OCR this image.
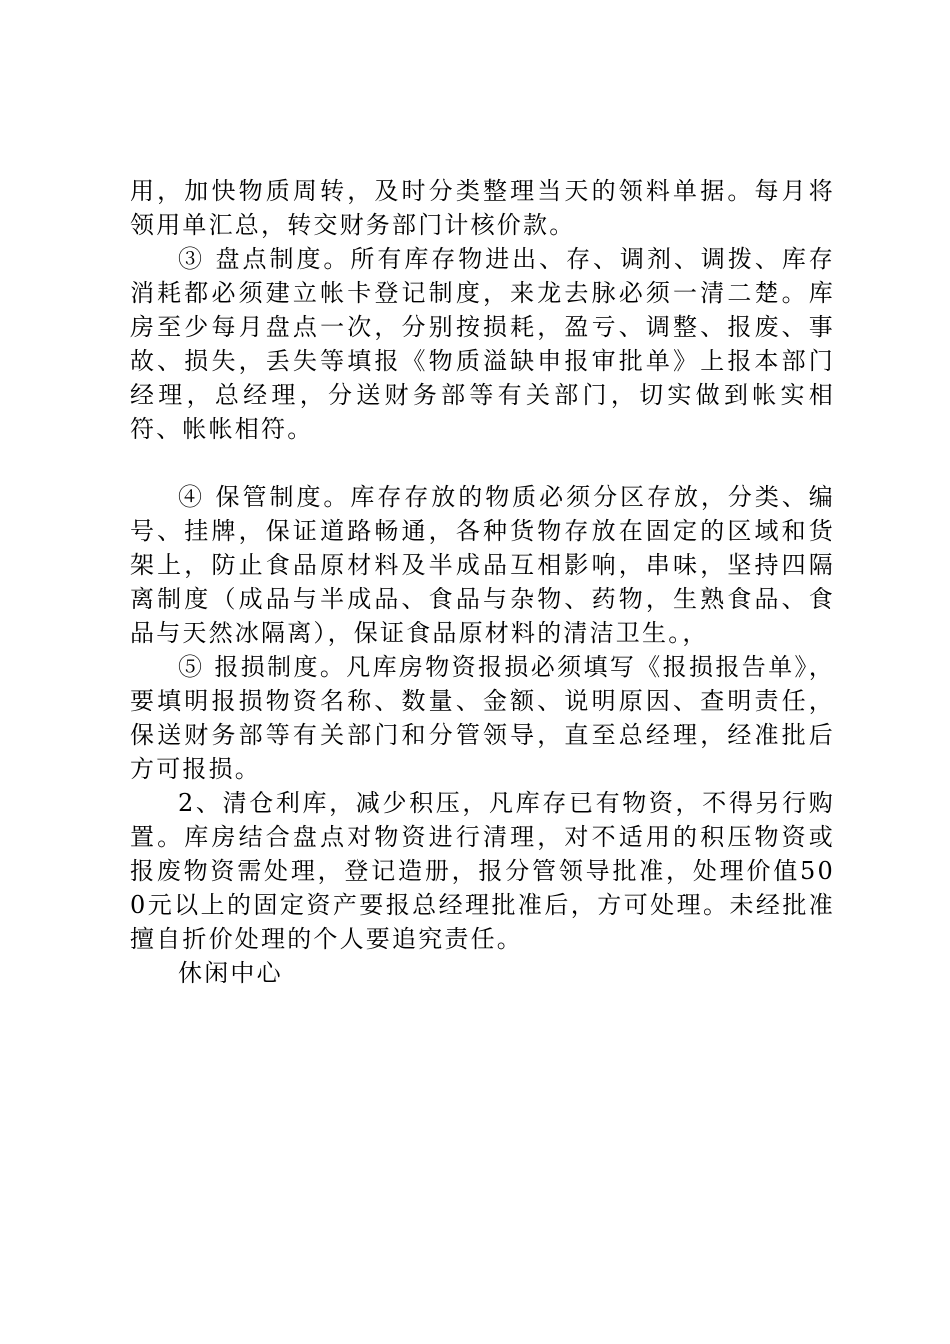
用，加快物质周转，及时分类整理当天的领料单据。每月将领用单汇总，转交财务部门计核价款。

③ 盘点制度。所有库存物进出、存、调剂、调拨、库存消耗都必须建立帐卡登记制度，来龙去脉必须一清二楚。库房至少每月盘点一次，分别按损耗，盈亏、调整、报废、事故、损失，丢失等填报《物质溢缺申报审批单》上报本部门经理，总经理，分送财务部等有关部门，切实做到帐实相符、帐帐相符。

④ 保管制度。库存存放的物质必须分区存放，分类、编号、挂牌，保证道路畅通，各种货物存放在固定的区域和货架上，防止食品原材料及半成品互相影响，串味，坚持四隔离制度（成品与半成品、食品与杂物、药物，生熟食品、食品与天然冰隔离），保证食品原材料的清洁卫生。，

⑤ 报损制度。凡库房物资报损必须填写《报损报告单》，要填明报损物资名称、数量、金额、说明原因、查明责任，保送财务部等有关部门和分管领导，直至总经理，经准批后方可报损。

2、清仓利库，减少积压，凡库存已有物资，不得另行购置。库房结合盘点对物资进行清理，对不适用的积压物资或报废物资需处理，登记造册，报分管领导批准，处理价值500元以上的固定资产要报总经理批准后，方可处理。未经批准擅自折价处理的个人要追究责任。

休闲中心
